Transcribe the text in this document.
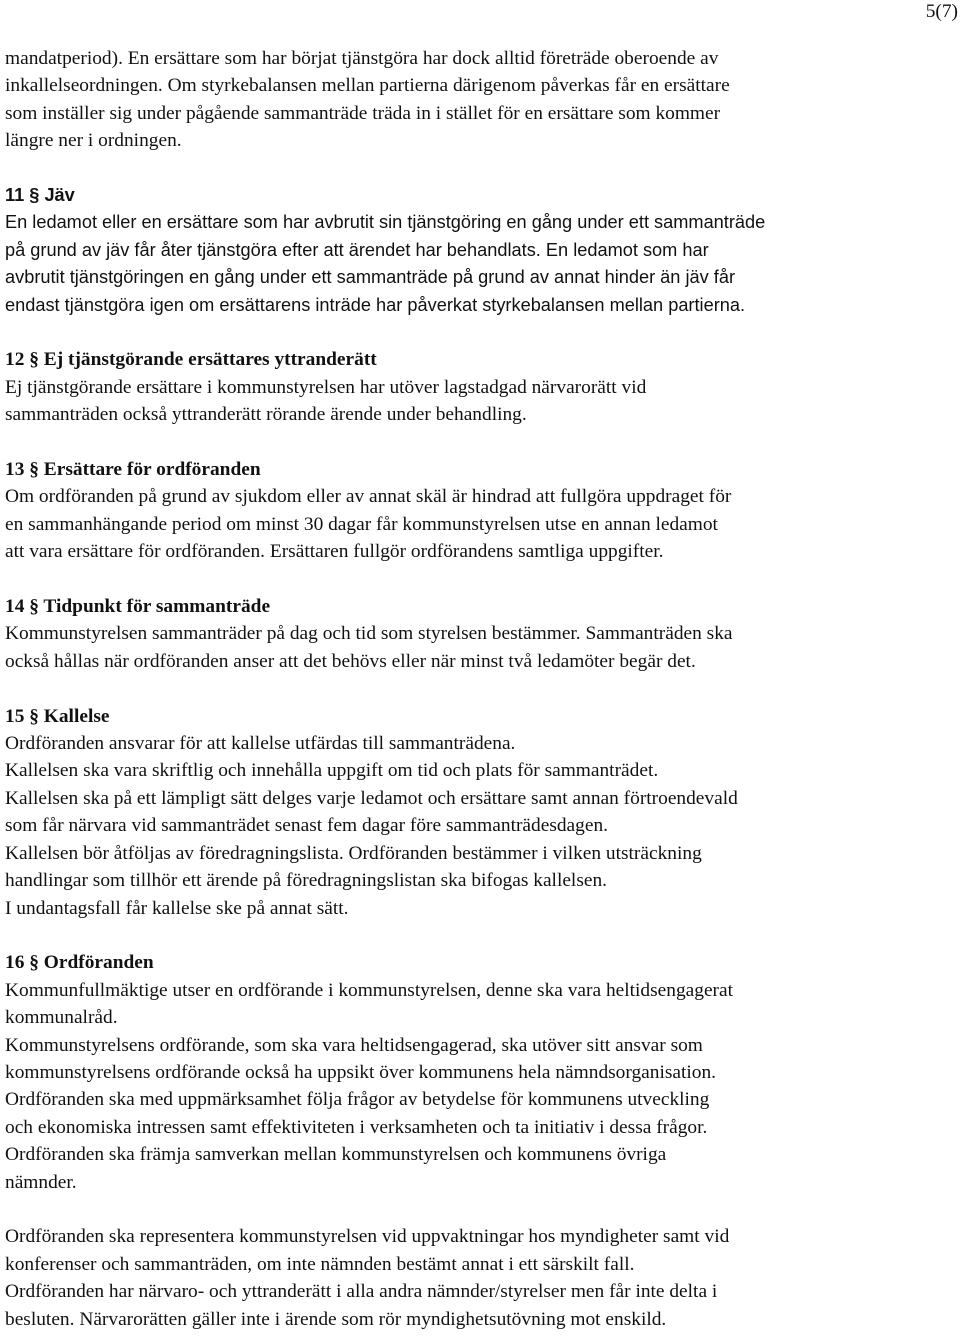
5(7)
mandatperiod). En ersättare som har börjat tjänstgöra har dock alltid företräde oberoende av
inkallelseordningen. Om styrkebalansen mellan partierna därigenom påverkas får en ersättare
som inställer sig under pågående sammanträde träda in i stället för en ersättare som kommer
längre ner i ordningen.
11 § Jäv
En ledamot eller en ersättare som har avbrutit sin tjänstgöring en gång under ett sammanträde
på grund av jäv får åter tjänstgöra efter att ärendet har behandlats. En ledamot som har
avbrutit tjänstgöringen en gång under ett sammanträde på grund av annat hinder än jäv får
endast tjänstgöra igen om ersättarens inträde har påverkat styrkebalansen mellan partierna.
12 § Ej tjänstgörande ersättares yttranderätt
Ej tjänstgörande ersättare i kommunstyrelsen har utöver lagstadgad närvarorätt vid
sammanträden också yttranderätt rörande ärende under behandling.
13 § Ersättare för ordföranden
Om ordföranden på grund av sjukdom eller av annat skäl är hindrad att fullgöra uppdraget för
en sammanhängande period om minst 30 dagar får kommunstyrelsen utse en annan ledamot
att vara ersättare för ordföranden. Ersättaren fullgör ordförandens samtliga uppgifter.
14 § Tidpunkt för sammanträde
Kommunstyrelsen sammanträder på dag och tid som styrelsen bestämmer. Sammanträden ska
också hållas när ordföranden anser att det behövs eller när minst två ledamöter begär det.
15 § Kallelse
Ordföranden ansvarar för att kallelse utfärdas till sammanträdena.
Kallelsen ska vara skriftlig och innehålla uppgift om tid och plats för sammanträdet.
Kallelsen ska på ett lämpligt sätt delges varje ledamot och ersättare samt annan förtroendevald
som får närvara vid sammanträdet senast fem dagar före sammanträdesdagen.
Kallelsen bör åtföljas av föredragningslista. Ordföranden bestämmer i vilken utsträckning
handlingar som tillhör ett ärende på föredragningslistan ska bifogas kallelsen.
I undantagsfall får kallelse ske på annat sätt.
16 § Ordföranden
Kommunfullmäktige utser en ordförande i kommunstyrelsen, denne ska vara heltidsengagerat
kommunalråd.
Kommunstyrelsens ordförande, som ska vara heltidsengagerad, ska utöver sitt ansvar som
kommunstyrelsens ordförande också ha uppsikt över kommunens hela nämndsorganisation.
Ordföranden ska med uppmärksamhet följa frågor av betydelse för kommunens utveckling
och ekonomiska intressen samt effektiviteten i verksamheten och ta initiativ i dessa frågor.
Ordföranden ska främja samverkan mellan kommunstyrelsen och kommunens övriga
nämnder.
Ordföranden ska representera kommunstyrelsen vid uppvaktningar hos myndigheter samt vid
konferenser och sammanträden, om inte nämnden bestämt annat i ett särskilt fall.
Ordföranden har närvaro- och yttranderätt i alla andra nämnder/styrelser men får inte delta i
besluten. Närvarorätten gäller inte i ärende som rör myndighetsutövning mot enskild.
